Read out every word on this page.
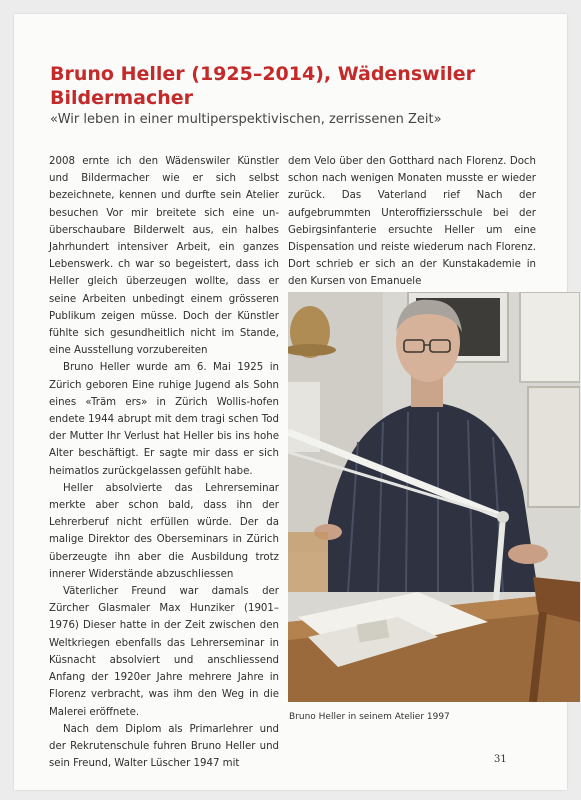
Bruno Heller (1925–2014), Wädenswiler Bildermacher
«Wir leben in einer multiperspektivischen, zerrissenen Zeit»

2008 ernte ich den Wädenswiler Künstler und Bildermacher wie er sich selbst bezeichnete, kennen und durfte sein Atelier besuchen Vor mir breitete sich eine un-überschaubare Bilderwelt aus, ein halbes Jahrhundert intensiver Arbeit, ein ganzes Lebenswerk. ch war so begeistert, dass ich Heller gleich überzeugen wollte, dass er seine Arbeiten unbedingt einem grösseren Publikum zeigen müsse. Doch der Künstler fühlte sich gesundheitlich nicht im Stande, eine Ausstellung vorzubereiten

Bruno Heller wurde am 6. Mai 1925 in Zürich geboren Eine ruhige Jugend als Sohn eines «Träm ers» in Zürich Wollis-hofen endete 1944 abrupt mit dem tragi schen Tod der Mutter Ihr Verlust hat Heller bis ins hohe Alter beschäftigt. Er sagte mir dass er sich heimatlos zurückgelassen gefühlt habe.

Heller absolvierte das Lehrerseminar merkte aber schon bald, dass ihn der Lehrerberuf nicht erfüllen würde. Der da malige Direktor des Oberseminars in Zürich überzeugte ihn aber die Ausbildung trotz innerer Widerstände abzuschliessen

Väterlicher Freund war damals der Zürcher Glasmaler Max Hunziker (1901–1976) Dieser hatte in der Zeit zwischen den Weltkriegen ebenfalls das Lehrerseminar in Küsnacht absolviert und anschliessend Anfang der 1920er Jahre mehrere Jahre in Florenz verbracht, was ihm den Weg in die Malerei eröffnete.

Nach dem Diplom als Primarlehrer und der Rekrutenschule fuhren Bruno Heller und sein Freund, Walter Lüscher 1947 mit

dem Velo über den Gotthard nach Florenz. Doch schon nach wenigen Monaten musste er wieder zurück. Das Vaterland rief Nach der aufgebrummten Unteroffiziersschule bei der Gebirgsinfanterie ersuchte Heller um eine Dispensation und reiste wiederum nach Florenz. Dort schrieb er sich an der Kunstakademie in den Kursen von Emanuele

Bruno Heller in seinem Atelier 1997
31
